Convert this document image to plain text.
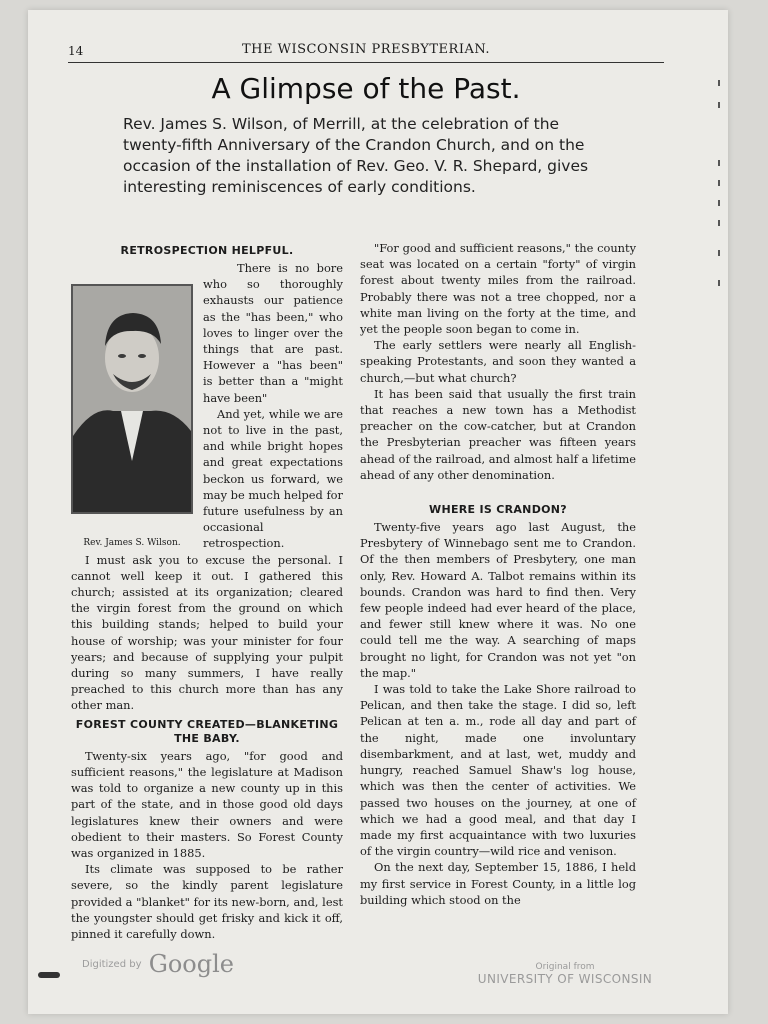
14	THE WISCONSIN PRESBYTERIAN.
A Glimpse of the Past.
Rev. James S. Wilson, of Merrill, at the celebration of the twenty-fifth Anniversary of the Crandon Church, and on the occasion of the installation of Rev. Geo. V. R. Shepard, gives interesting reminiscences of early conditions.
RETROSPECTION HELPFUL.
Rev. James S. Wilson.

There is no bore who so thoroughly exhausts our patience as the "has been," who loves to linger over the things that are past. However a "has been" is better than a "might have been"

And yet, while we are not to live in the past, and while bright hopes and great expectations beckon us forward, we may be much helped for future usefulness by an occasional retrospection.

I must ask you to excuse the personal. I cannot well keep it out. I gathered this church; assisted at its organization; cleared the virgin forest from the ground on which this building stands; helped to build your house of worship; was your minister for four years; and because of supplying your pulpit during so many summers, I have really preached to this church more than has any other man.

FOREST COUNTY CREATED—BLANKETING THE BABY.

Twenty-six years ago, "for good and sufficient reasons," the legislature at Madison was told to organize a new county up in this part of the state, and in those good old days legislatures knew their owners and were obedient to their masters. So Forest County was organized in 1885.

Its climate was supposed to be rather severe, so the kindly parent legislature provided a "blanket" for its new-born, and, lest the youngster should get frisky and kick it off, pinned it carefully down.

"For good and sufficient reasons," the county seat was located on a certain "forty" of virgin forest about twenty miles from the railroad. Probably there was not a tree chopped, nor a white man living on the forty at the time, and yet the people soon began to come in.

The early settlers were nearly all English-speaking Protestants, and soon they wanted a church,—but what church?

It has been said that usually the first train that reaches a new town has a Methodist preacher on the cow-catcher, but at Crandon the Presbyterian preacher was fifteen years ahead of the railroad, and almost half a lifetime ahead of any other denomination.

WHERE IS CRANDON?

Twenty-five years ago last August, the Presbytery of Winnebago sent me to Crandon. Of the then members of Presbytery, one man only, Rev. Howard A. Talbot remains within its bounds. Crandon was hard to find then. Very few people indeed had ever heard of the place, and fewer still knew where it was. No one could tell me the way. A searching of maps brought no light, for Crandon was not yet "on the map."

I was told to take the Lake Shore railroad to Pelican, and then take the stage. I did so, left Pelican at ten a. m., rode all day and part of the night, made one involuntary disembarkment, and at last, wet, muddy and hungry, reached Samuel Shaw's log house, which was then the center of activities. We passed two houses on the journey, at one of which we had a good meal, and that day I made my first acquaintance with two luxuries of the virgin country—wild rice and venison.

On the next day, September 15, 1886, I held my first service in Forest County, in a little log building which stood on the

Digitized by Google	Original from
UNIVERSITY OF WISCONSIN
